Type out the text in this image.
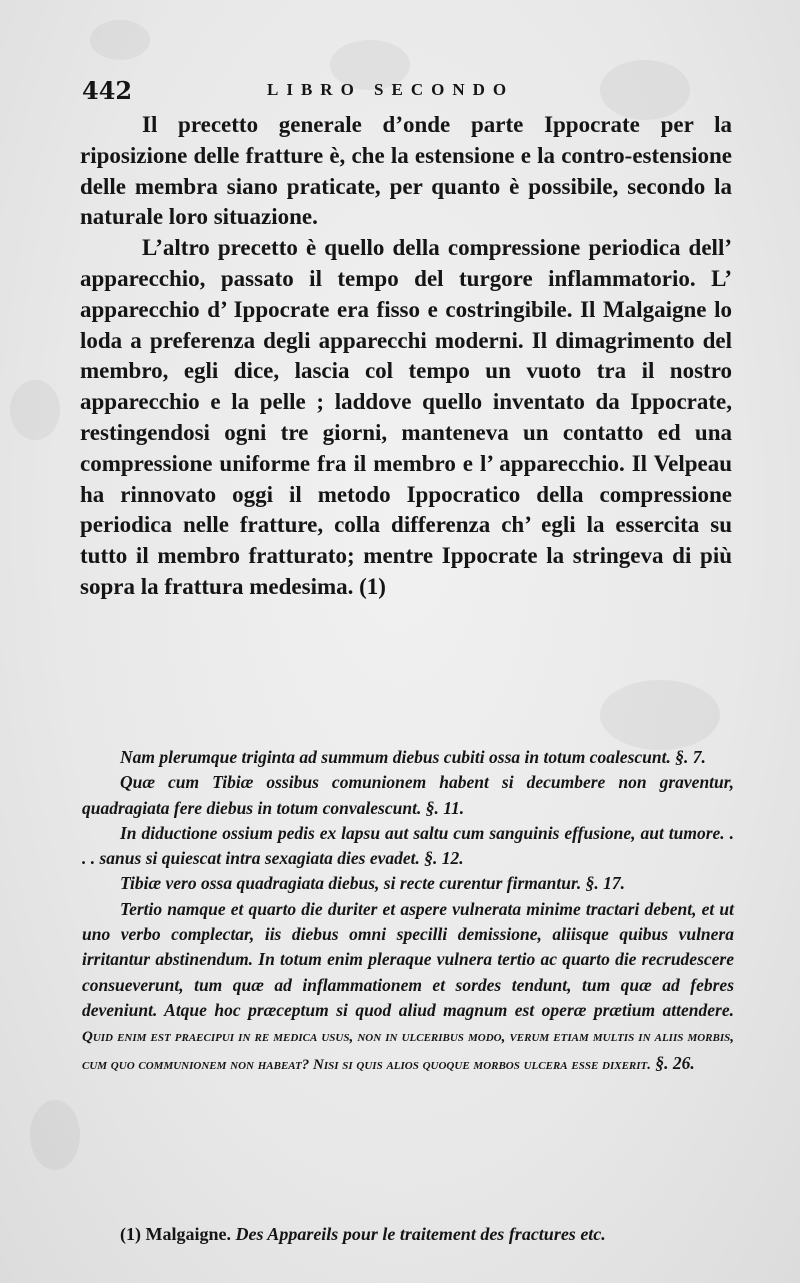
442	LIBRO SECONDO

Il precetto generale d’onde parte Ippocrate per la riposizione delle fratture è, che la estensione e la contro-estensione delle membra siano praticate, per quanto è possibile, secondo la naturale loro situazione.

L’altro precetto è quello della compressione periodica dell’ apparecchio, passato il tempo del turgore inflammatorio. L’ apparecchio d’ Ippocrate era fisso e costringibile. Il Malgaigne lo loda a preferenza degli apparecchi moderni. Il dimagrimento del membro, egli dice, lascia col tempo un vuoto tra il nostro apparecchio e la pelle ; laddove quello inventato da Ippocrate, restingendosi ogni tre giorni, manteneva un contatto ed una compressione uniforme fra il membro e l’ apparecchio. Il Velpeau ha rinnovato oggi il metodo Ippocratico della compressione periodica nelle fratture, colla differenza ch’ egli la essercita su tutto il membro fratturato; mentre Ippocrate la stringeva di più sopra la frattura medesima. (1)

Nam plerumque triginta ad summum diebus cubiti ossa in totum coalescunt. §. 7.

Quæ cum Tibiæ ossibus comunionem habent si decumbere non graventur, quadragiata fere diebus in totum convalescunt. §. 11.

In diductione ossium pedis ex lapsu aut saltu cum sanguinis effusione, aut tumore. . . . sanus si quiescat intra sexagiata dies evadet. §. 12.

Tibiæ vero ossa quadragiata diebus, si recte curentur firmantur. §. 17.

Tertio namque et quarto die duriter et aspere vulnerata minime tractari debent, et ut uno verbo complectar, iis diebus omni specilli demissione, aliisque quibus vulnera irritantur abstinendum. In totum enim pleraque vulnera tertio ac quarto die recrudescere consueverunt, tum quæ ad inflammationem et sordes tendunt, tum quæ ad febres deveniunt. Atque hoc præceptum si quod aliud magnum est operæ prætium attendere. Quid enim est praecipui in re medica usus, non in ulceribus modo, verum etiam multis in aliis morbis, cum quo communionem non habeat? Nisi si quis alios quoque morbos ulcera esse dixerit. §. 26.

(1) Malgaigne. Des Appareils pour le traitement des fractures etc.
